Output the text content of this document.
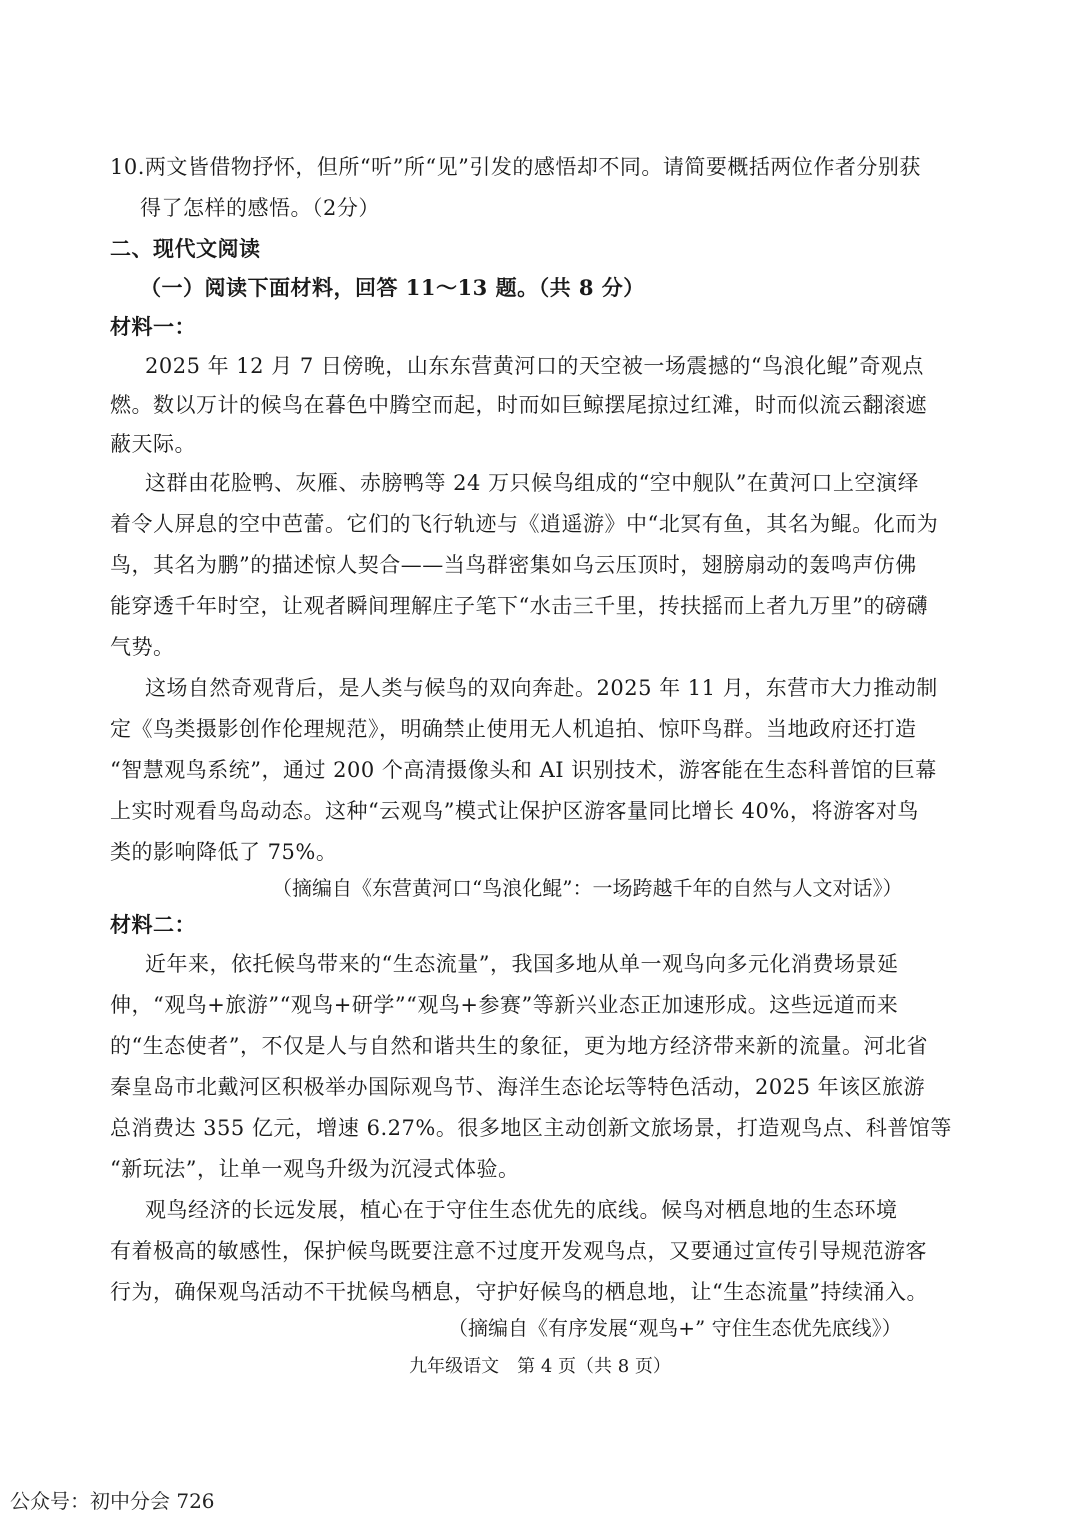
10.两文皆借物抒怀，但所“听”所“见”引发的感悟却不同。请简要概括两位作者分别获
得了怎样的感悟。（2分）
二、现代文阅读
（一）阅读下面材料，回答 11～13 题。（共 8 分）
材料一：
2025 年 12 月 7 日傍晚，山东东营黄河口的天空被一场震撼的“鸟浪化鲲”奇观点
燃。数以万计的候鸟在暮色中腾空而起，时而如巨鲸摆尾掠过红滩，时而似流云翻滚遮
蔽天际。
这群由花脸鸭、灰雁、赤膀鸭等 24 万只候鸟组成的“空中舰队”在黄河口上空演绎
着令人屏息的空中芭蕾。它们的飞行轨迹与《逍遥游》中“北冥有鱼，其名为鲲。化而为
鸟，其名为鹏”的描述惊人契合——当鸟群密集如乌云压顶时，翅膀扇动的轰鸣声仿佛
能穿透千年时空，让观者瞬间理解庄子笔下“水击三千里，抟扶摇而上者九万里”的磅礴
气势。
这场自然奇观背后，是人类与候鸟的双向奔赴。2025 年 11 月，东营市大力推动制
定《鸟类摄影创作伦理规范》，明确禁止使用无人机追拍、惊吓鸟群。当地政府还打造
“智慧观鸟系统”，通过 200 个高清摄像头和 AI 识别技术，游客能在生态科普馆的巨幕
上实时观看鸟岛动态。这种“云观鸟”模式让保护区游客量同比增长 40%，将游客对鸟
类的影响降低了 75%。
（摘编自《东营黄河口“鸟浪化鲲”：一场跨越千年的自然与人文对话》）
材料二：
近年来，依托候鸟带来的“生态流量”，我国多地从单一观鸟向多元化消费场景延
伸，“观鸟+旅游”“观鸟+研学”“观鸟+参赛”等新兴业态正加速形成。这些远道而来
的“生态使者”，不仅是人与自然和谐共生的象征，更为地方经济带来新的流量。河北省
秦皇岛市北戴河区积极举办国际观鸟节、海洋生态论坛等特色活动，2025 年该区旅游
总消费达 355 亿元，增速 6.27%。很多地区主动创新文旅场景，打造观鸟点、科普馆等
“新玩法”，让单一观鸟升级为沉浸式体验。
观鸟经济的长远发展，植心在于守住生态优先的底线。候鸟对栖息地的生态环境
有着极高的敏感性，保护候鸟既要注意不过度开发观鸟点，又要通过宣传引导规范游客
行为，确保观鸟活动不干扰候鸟栖息，守护好候鸟的栖息地，让“生态流量”持续涌入。
（摘编自《有序发展“观鸟+” 守住生态优先底线》）
九年级语文　第 4 页（共 8 页）
公众号：初中分会 726
